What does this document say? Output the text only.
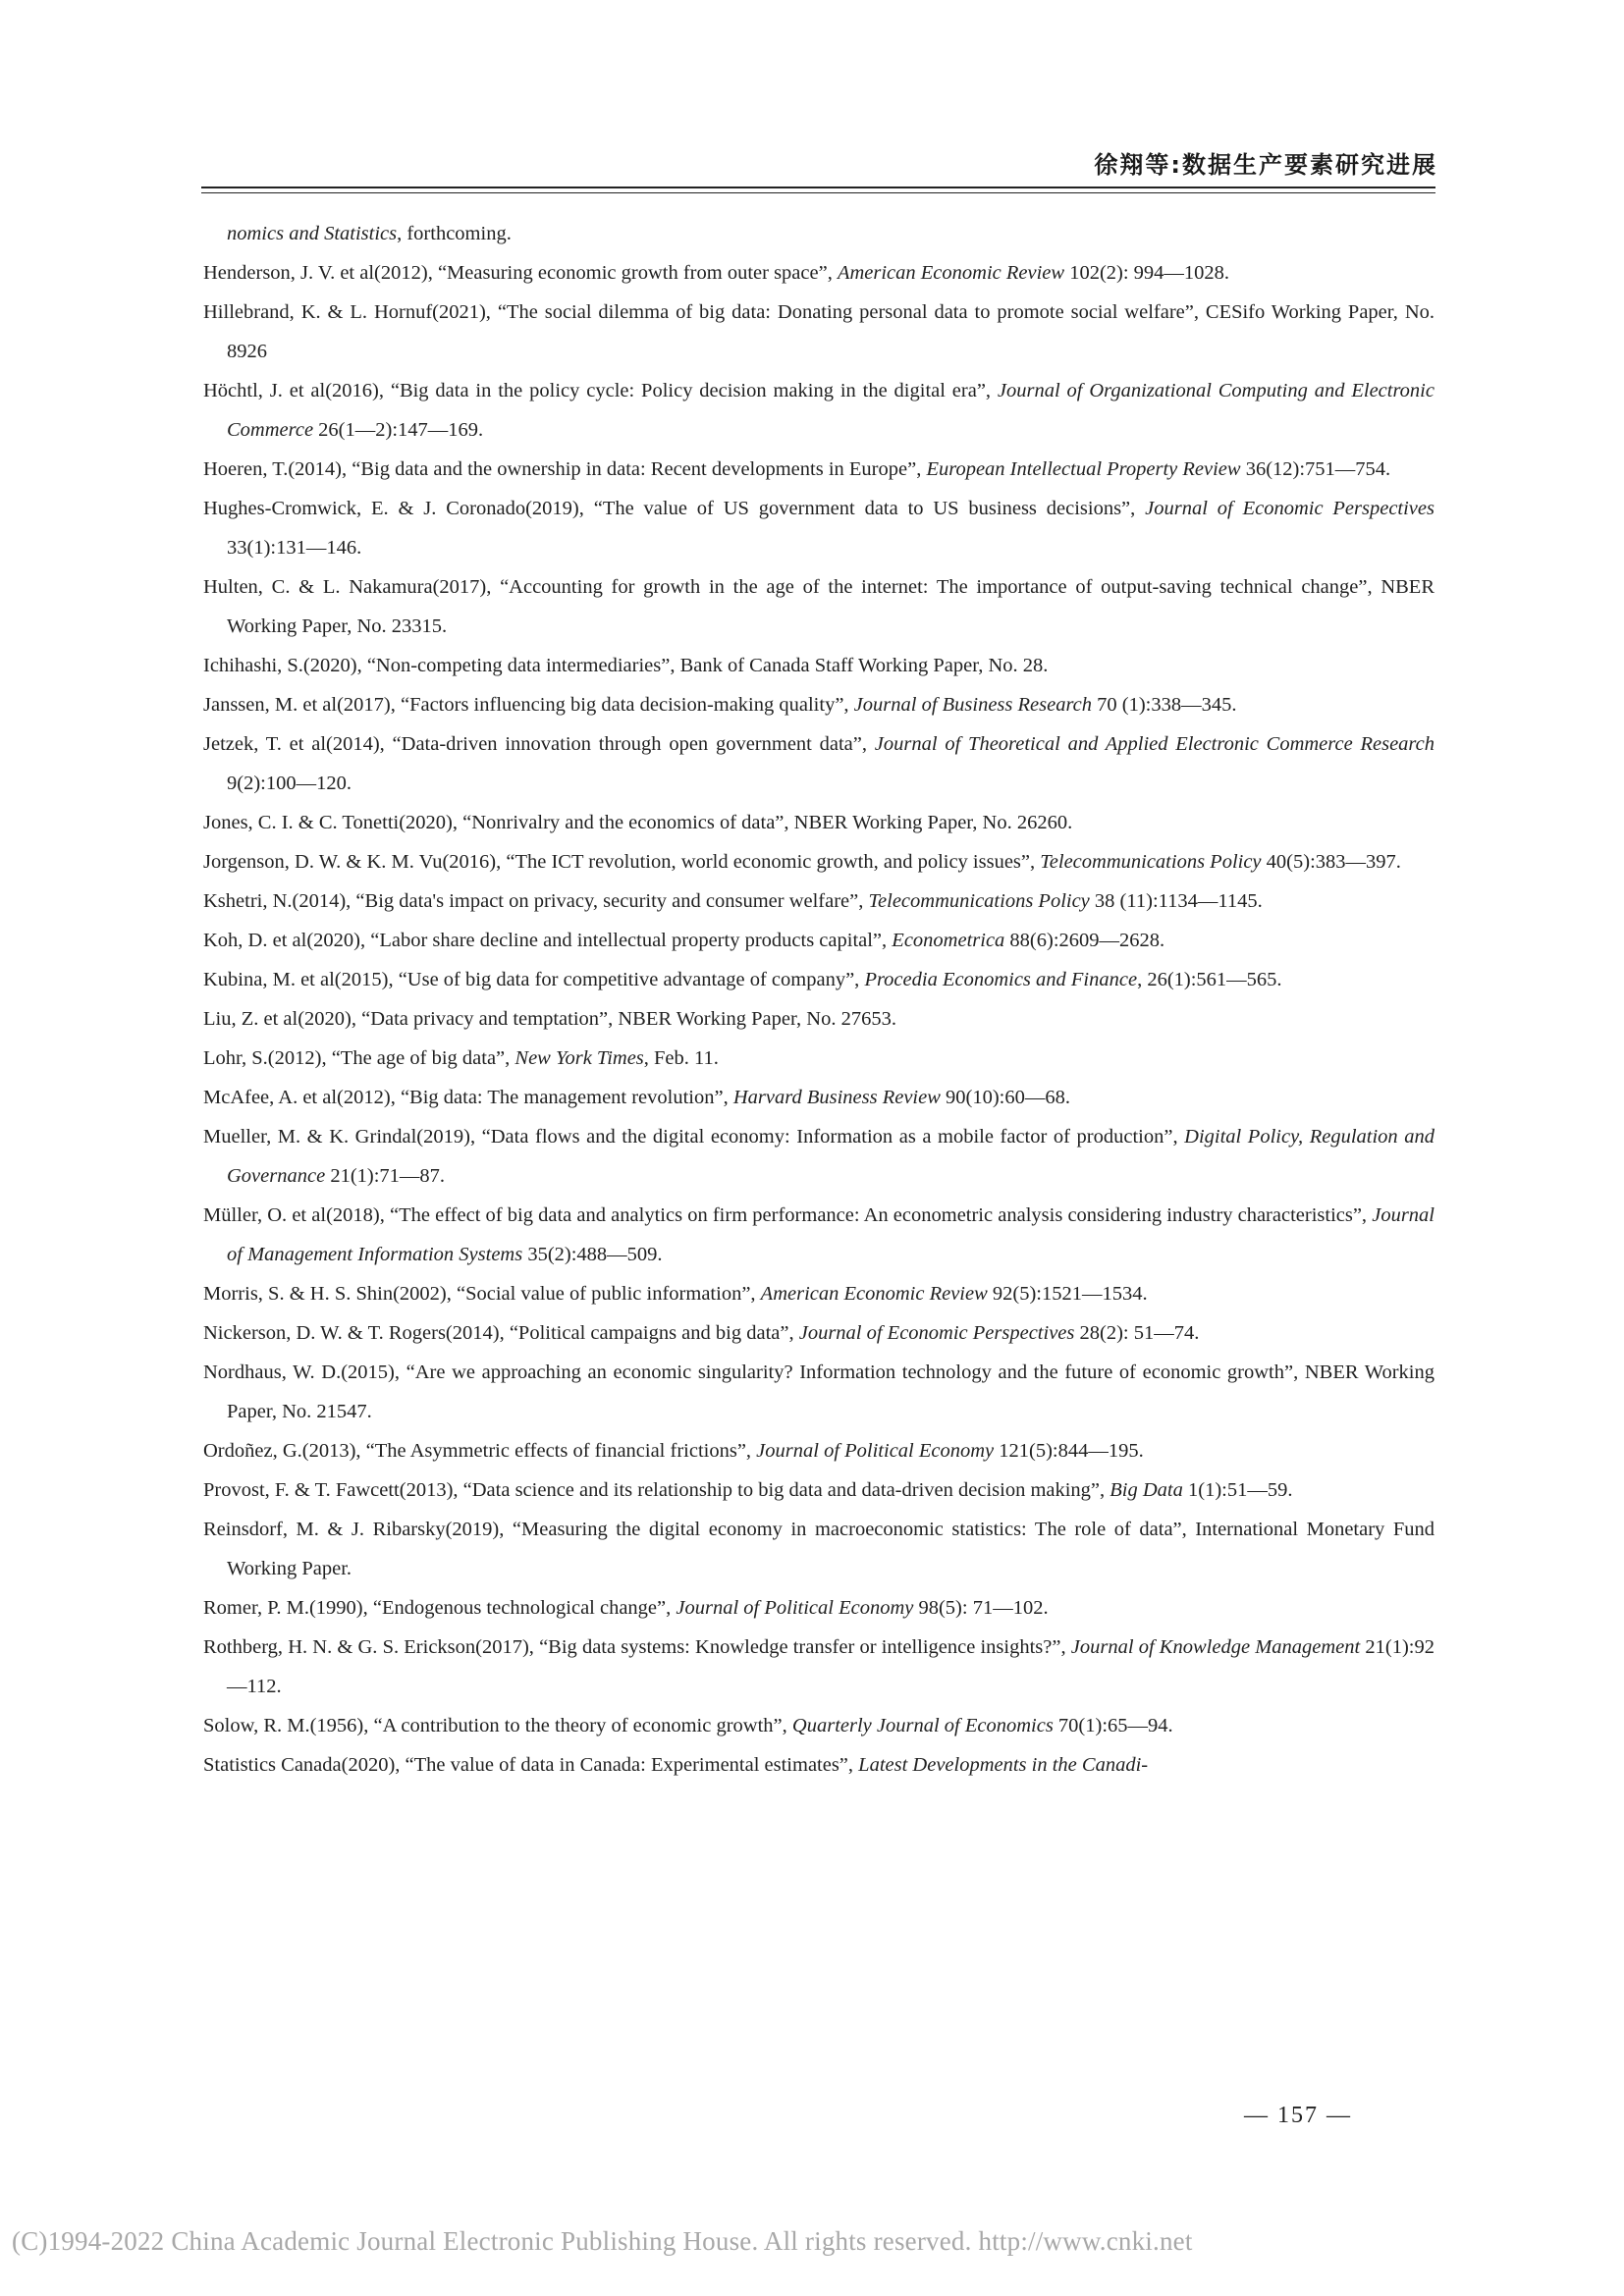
徐翔等:数据生产要素研究进展
nomics and Statistics, forthcoming.
Henderson, J. V. et al(2012), “Measuring economic growth from outer space”, American Economic Review 102(2): 994—1028.
Hillebrand, K. & L. Hornuf(2021), “The social dilemma of big data: Donating personal data to promote social welfare”, CESifo Working Paper, No. 8926
Höchtl, J. et al(2016), “Big data in the policy cycle: Policy decision making in the digital era”, Journal of Organizational Computing and Electronic Commerce 26(1—2):147—169.
Hoeren, T.(2014), “Big data and the ownership in data: Recent developments in Europe”, European Intellectual Property Review 36(12):751—754.
Hughes-Cromwick, E. & J. Coronado(2019), “The value of US government data to US business decisions”, Journal of Economic Perspectives 33(1):131—146.
Hulten, C. & L. Nakamura(2017), “Accounting for growth in the age of the internet: The importance of output-saving technical change”, NBER Working Paper, No. 23315.
Ichihashi, S.(2020), “Non-competing data intermediaries”, Bank of Canada Staff Working Paper, No. 28.
Janssen, M. et al(2017), “Factors influencing big data decision-making quality”, Journal of Business Research 70 (1):338—345.
Jetzek, T. et al(2014), “Data-driven innovation through open government data”, Journal of Theoretical and Applied Electronic Commerce Research 9(2):100—120.
Jones, C. I. & C. Tonetti(2020), “Nonrivalry and the economics of data”, NBER Working Paper, No. 26260.
Jorgenson, D. W. & K. M. Vu(2016), “The ICT revolution, world economic growth, and policy issues”, Telecommunications Policy 40(5):383—397.
Kshetri, N.(2014), “Big data's impact on privacy, security and consumer welfare”, Telecommunications Policy 38 (11):1134—1145.
Koh, D. et al(2020), “Labor share decline and intellectual property products capital”, Econometrica 88(6):2609—2628.
Kubina, M. et al(2015), “Use of big data for competitive advantage of company”, Procedia Economics and Finance, 26(1):561—565.
Liu, Z. et al(2020), “Data privacy and temptation”, NBER Working Paper, No. 27653.
Lohr, S.(2012), “The age of big data”, New York Times, Feb. 11.
McAfee, A. et al(2012), “Big data: The management revolution”, Harvard Business Review 90(10):60—68.
Mueller, M. & K. Grindal(2019), “Data flows and the digital economy: Information as a mobile factor of production”, Digital Policy, Regulation and Governance 21(1):71—87.
Müller, O. et al(2018), “The effect of big data and analytics on firm performance: An econometric analysis considering industry characteristics”, Journal of Management Information Systems 35(2):488—509.
Morris, S. & H. S. Shin(2002), “Social value of public information”, American Economic Review 92(5):1521—1534.
Nickerson, D. W. & T. Rogers(2014), “Political campaigns and big data”, Journal of Economic Perspectives 28(2): 51—74.
Nordhaus, W. D.(2015), “Are we approaching an economic singularity? Information technology and the future of economic growth”, NBER Working Paper, No. 21547.
Ordoñez, G.(2013), “The Asymmetric effects of financial frictions”, Journal of Political Economy 121(5):844—195.
Provost, F. & T. Fawcett(2013), “Data science and its relationship to big data and data-driven decision making”, Big Data 1(1):51—59.
Reinsdorf, M. & J. Ribarsky(2019), “Measuring the digital economy in macroeconomic statistics: The role of data”, International Monetary Fund Working Paper.
Romer, P. M.(1990), “Endogenous technological change”, Journal of Political Economy 98(5): 71—102.
Rothberg, H. N. & G. S. Erickson(2017), “Big data systems: Knowledge transfer or intelligence insights?”, Journal of Knowledge Management 21(1):92—112.
Solow, R. M.(1956), “A contribution to the theory of economic growth”, Quarterly Journal of Economics 70(1):65—94.
Statistics Canada(2020), “The value of data in Canada: Experimental estimates”, Latest Developments in the Canadi-
— 157 —
(C)1994-2022 China Academic Journal Electronic Publishing House. All rights reserved. http://www.cnki.net
